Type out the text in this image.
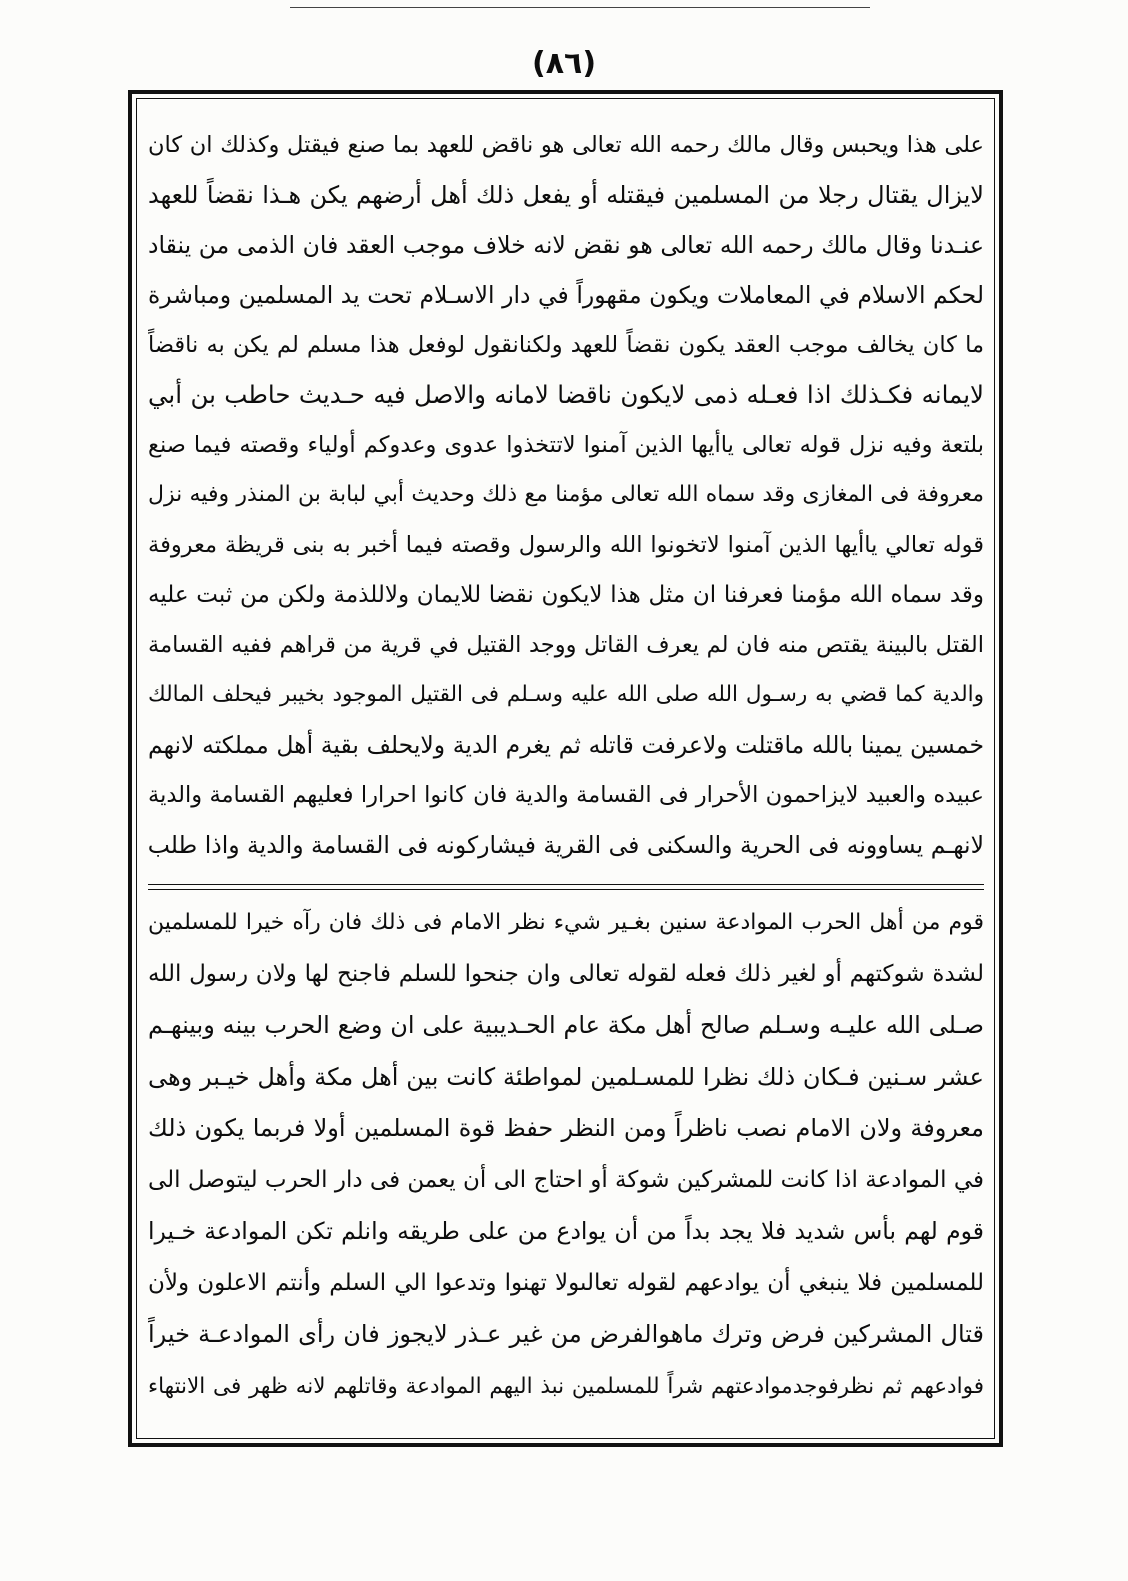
(٨٦)
على هذا ويحبس وقال مالك رحمه الله تعالى هو ناقض للعهد بما صنع فيقتل وكذلك ان كان
لايزال يقتال رجلا من المسلمين فيقتله أو يفعل ذلك أهل أرضهم يكن هـذا نقضاً للعهد
عنـدنا وقال مالك رحمه الله تعالى هو نقض لانه خلاف موجب العقد فان الذمى من ينقاد
لحكم الاسلام في المعاملات ويكون مقهوراً في دار الاسـلام تحت يد المسلمين ومباشرة
ما كان يخالف موجب العقد يكون نقضاً للعهد ولكنانقول لوفعل هذا مسلم لم يكن به ناقضاً
لايمانه فكـذلك اذا فعـله ذمى لايكون ناقضا لامانه والاصل فيه حـديث حاطب بن أبي
بلتعة وفيه نزل قوله تعالى ياأيها الذين آمنوا لاتتخذوا عدوى وعدوكم أولياء وقصته فيما صنع
معروفة فى المغازى وقد سماه الله تعالى مؤمنا مع ذلك وحديث أبي لبابة بن المنذر وفيه نزل
قوله تعالي ياأيها الذين آمنوا لاتخونوا الله والرسول وقصته فيما أخبر به بنى قريظة معروفة
وقد سماه الله مؤمنا فعرفنا ان مثل هذا لايكون نقضا للايمان ولاللذمة ولكن من ثبت عليه
القتل بالبينة يقتص منه فان لم يعرف القاتل ووجد القتيل في قرية من قراهم ففيه القسامة
والدية كما قضي به رسـول الله صلى الله عليه وسـلم فى القتيل الموجود بخيبر فيحلف المالك
خمسين يمينا بالله ماقتلت ولاعرفت قاتله ثم يغرم الدية ولايحلف بقية أهل مملكته لانهم
عبيده والعبيد لايزاحمون الأحرار فى القسامة والدية فان كانوا احرارا فعليهم القسامة والدية
لانهـم يساوونه فى الحرية والسكنى فى القرية فيشاركونه فى القسامة والدية واذا طلب
قوم من أهل الحرب الموادعة سنين بغـير شيء نظر الامام فى ذلك فان رآه خيرا للمسلمين
لشدة شوكتهم أو لغير ذلك فعله لقوله تعالى وان جنحوا للسلم فاجنح لها ولان رسول الله
صـلى الله عليـه وسـلم صالح أهل مكة عام الحـديبية على ان وضع الحرب بينه وبينهـم
عشر سـنين فـكان ذلك نظرا للمسـلمين لمواطئة كانت بين أهل مكة وأهل خيـبر وهى
معروفة ولان الامام نصب ناظراً ومن النظر حفظ قوة المسلمين أولا فربما يكون ذلك
في الموادعة اذا كانت للمشركين شوكة أو احتاج الى أن يعمن فى دار الحرب ليتوصل الى
قوم لهم بأس شديد فلا يجد بداً من أن يوادع من على طريقه وانلم تكن الموادعة خـيرا
للمسلمين فلا ينبغي أن يوادعهم لقوله تعالىولا تهنوا وتدعوا الي السلم وأنتم الاعلون ولأن
قتال المشركين فرض وترك ماهوالفرض من غير عـذر لايجوز فان رأى الموادعـة خيراً
فوادعهم ثم نظرفوجدموادعتهم شراً للمسلمين نبذ اليهم الموادعة وقاتلهم لانه ظهر فى الانتهاء
